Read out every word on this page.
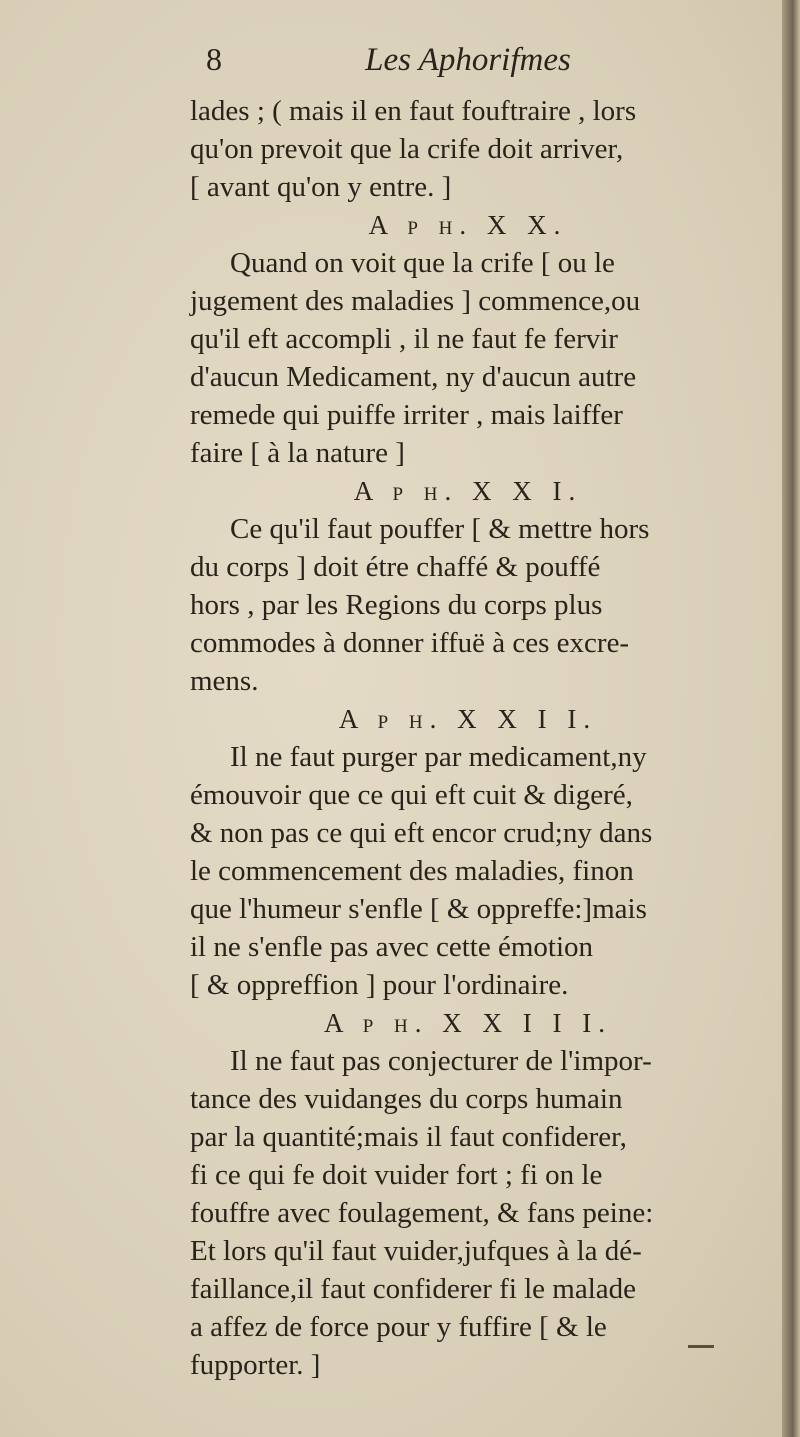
8	Les Aphorifmes
lades ; ( mais il en faut fouftraire , lors
qu'on prevoit que la crife doit arriver,
[ avant qu'on y entre. ]
A p h. X X.
Quand on voit que la crife [ ou le
jugement des maladies ] commence,ou
qu'il eft accompli , il ne faut fe fervir
d'aucun Medicament, ny d'aucun autre
remede qui puiffe irriter , mais laiffer
faire [ à la nature ]
A p h. X X I.
Ce qu'il faut pouffer [ & mettre hors
du corps ] doit étre chaffé & pouffé
hors , par les Regions du corps plus
commodes à donner iffuë à ces excre-
mens.
A p h. X X I I.
Il ne faut purger par medicament,ny
émouvoir que ce qui eft cuit & digeré,
& non pas ce qui eft encor crud;ny dans
le commencement des maladies, finon
que l'humeur s'enfle [ & oppreffe:]mais
il ne s'enfle pas avec cette émotion
[ & oppreffion ] pour l'ordinaire.
A p h. X X I I I.
Il ne faut pas conjecturer de l'impor-
tance des vuidanges du corps humain
par la quantité;mais il faut confiderer,
fi ce qui fe doit vuider fort ; fi on le
fouffre avec foulagement, & fans peine:
Et lors qu'il faut vuider,jufques à la dé-
faillance,il faut confiderer fi le malade
a affez de force pour y fuffire [ & le
fupporter. ]
